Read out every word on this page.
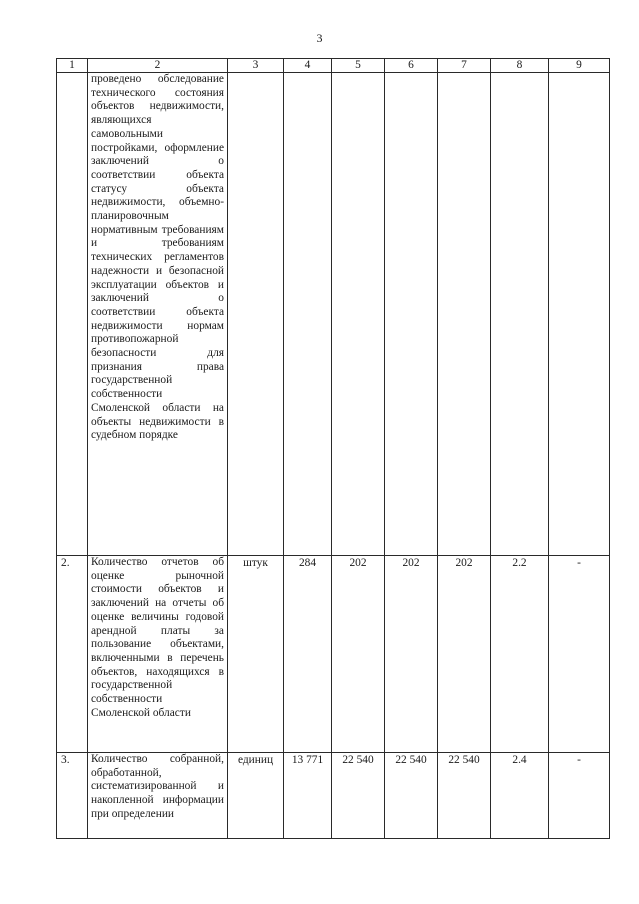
3
1	2	3	4	5	6	7	8	9
	проведено обследование технического состояния объектов недвижимости, являющихся самовольными постройками, оформление заключений о соответствии объекта статусу объекта недвижимости, объемно-планировочным нормативным требованиям и требованиям технических регламентов надежности и безопасной эксплуатации объектов и заключений о соответствии объекта недвижимости нормам противопожарной безопасности для признания права государственной собственности Смоленской области на объекты недвижимости в судебном порядке							
2.	Количество отчетов об оценке рыночной стоимости объектов и заключений на отчеты об оценке величины годовой арендной платы за пользование объектами, включенными в перечень объектов, находящихся в государственной собственности Смоленской области	штук	284	202	202	202	2.2	-
3.	Количество собранной, обработанной, систематизированной и накопленной информации при определении	единиц	13 771	22 540	22 540	22 540	2.4	-
